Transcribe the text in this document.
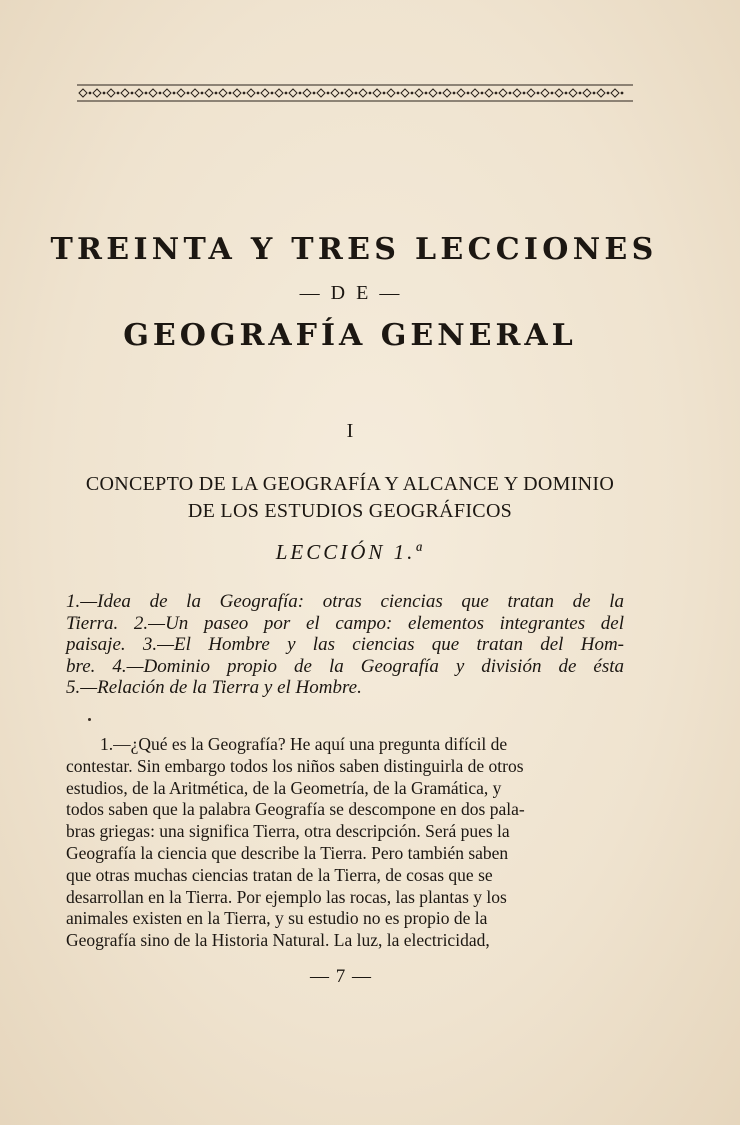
TREINTA Y TRES LECCIONES
— D E —
GEOGRAFÍA GENERAL
I
CONCEPTO DE LA GEOGRAFÍA Y ALCANCE Y DOMINIO
DE LOS ESTUDIOS GEOGRÁFICOS
LECCIÓN 1.ª
1.—Idea de la Geografía: otras ciencias que tratan de la
Tierra. 2.—Un paseo por el campo: elementos integrantes del
paisaje. 3.—El Hombre y las ciencias que tratan del Hom-
bre. 4.—Dominio propio de la Geografía y división de ésta
5.—Relación de la Tierra y el Hombre.
1.—¿Qué es la Geografía? He aquí una pregunta difícil de
contestar. Sin embargo todos los niños saben distinguirla de otros
estudios, de la Aritmética, de la Geometría, de la Gramática, y
todos saben que la palabra Geografía se descompone en dos pala-
bras griegas: una significa Tierra, otra descripción. Será pues la
Geografía la ciencia que describe la Tierra. Pero también saben
que otras muchas ciencias tratan de la Tierra, de cosas que se
desarrollan en la Tierra. Por ejemplo las rocas, las plantas y los
animales existen en la Tierra, y su estudio no es propio de la
Geografía sino de la Historia Natural. La luz, la electricidad,
— 7 —
